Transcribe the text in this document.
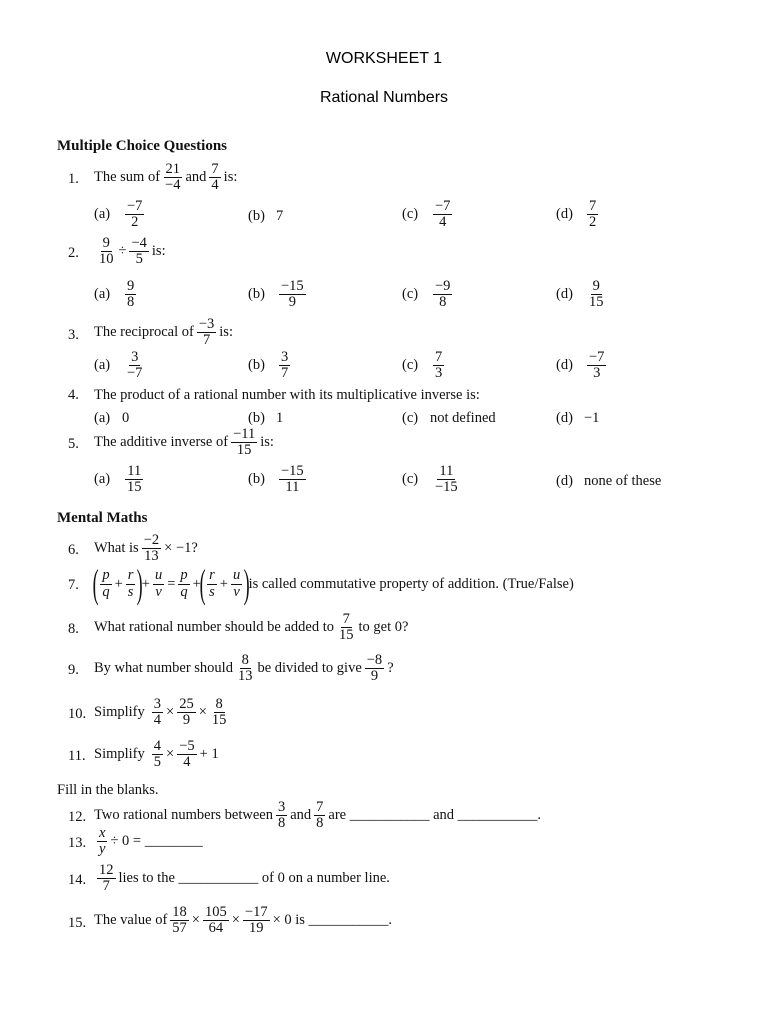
WORKSHEET 1
Rational Numbers
Multiple Choice Questions
1. The sum of $\frac{21}{-4}$ and $\frac{7}{4}$ is:
(a)	$\frac{-7}{2}$	(b) 7	(c)	$\frac{-7}{4}$	$(d) \frac{7}{2}$
2. $\frac{9}{10} \div \frac{-4}{5}$ is:
(a)	$\frac{9}{8}$	$(b) \frac{-15}{9}$	(c)	$\frac{-9}{8}$	$(d) \frac{9}{15}$
3. The reciprocal of $\frac{-3}{7}$ is:
(a)	$\frac{3}{-7}$	$(b) \frac{3}{7}$	(c)	$\frac{7}{3}$	$(d) \frac{-7}{3}$
4. The product of a rational number with its multiplicative inverse is:
(a) 0	(b) 1	(c) not defined	(d) −1
5. The additive inverse of $\frac{-11}{15}$ is:
(a)	$\frac{11}{15}$	$(b) \frac{-15}{11}$	(c)	$\frac{11}{-15}$	(d) none of these
Mental Maths
6. What is $\frac{-2}{13} \times -1$?
7. ( $\frac{p}{q} + \frac{r}{s}$ )
+ $\frac{u}{v} = \frac{p}{q}$ +
( $\frac{r}{s} + \frac{u}{v}$ )
is called commutative property of addition. (True/False)
8. What rational number should be added to $\frac{7}{15}$ to get 0?
9. By what number should $\frac{8}{13}$ be divided to give $\frac{-8}{9}$ ?
10. Simplify $\frac{3}{4} \times \frac{25}{9} \times \frac{8}{15}$
11. Simplify $\frac{4}{5} \times \frac{-5}{4} + 1$
Fill in the blanks.
12. Two rational numbers between $\frac{3}{8}$ and $\frac{7}{8}$ are ___________ and ___________.
13. $\frac{x}{y} \div 0$ = ________
14. $\frac{12}{7}$ lies to the ___________ of 0 on a number line.
15. The value of $\frac{18}{57} \times \frac{105}{64} \times \frac{-17}{19} \times 0$ is ___________.
